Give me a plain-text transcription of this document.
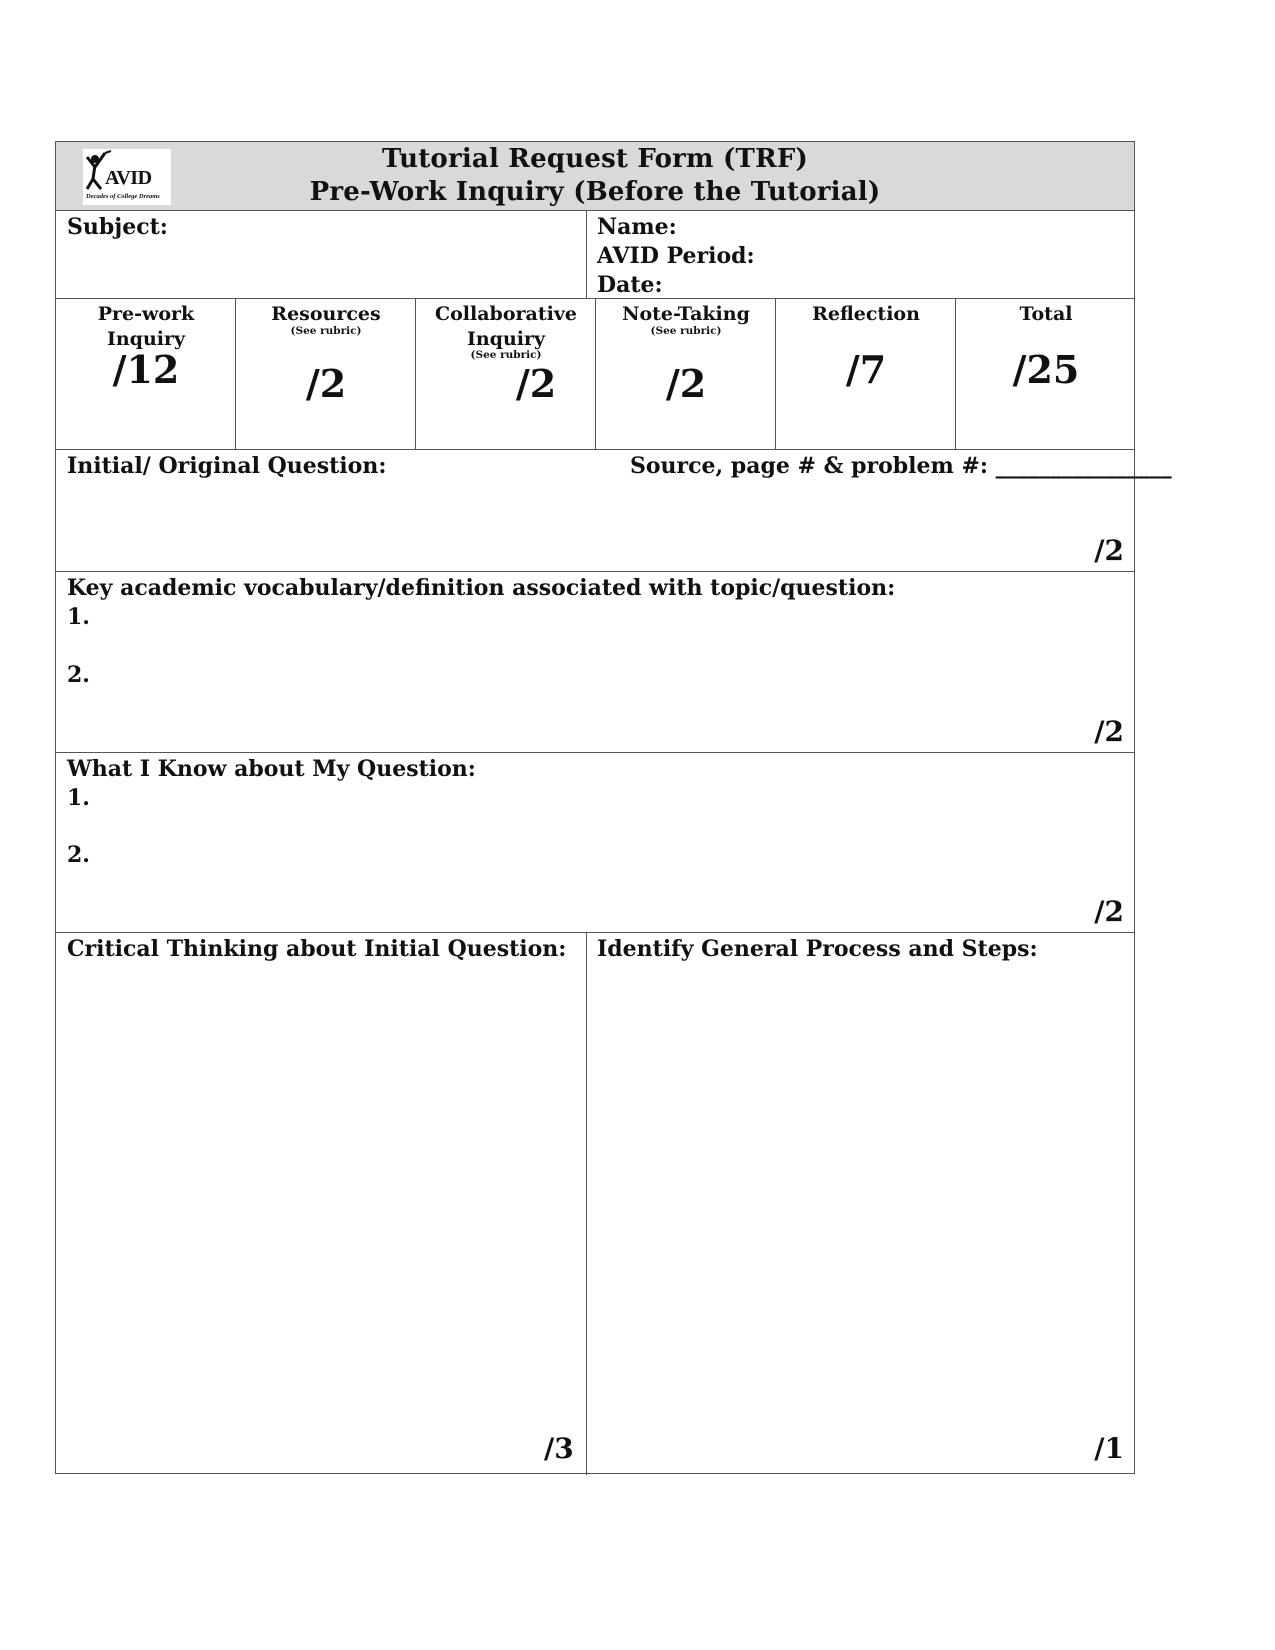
AVID
Decades of College Dreams
Tutorial Request Form (TRF)
Pre-Work Inquiry (Before the Tutorial)
Subject:	Name:
AVID Period:
Date:
Pre-work
Inquiry
/12
Resources
(See rubric)
/2
Collaborative
Inquiry
(See rubric)
/2
Note-Taking
(See rubric)
/2
Reflection
/7
Total
/25
Initial/ Original Question:	Source, page # & problem #: ________________
/2
Key academic vocabulary/definition associated with topic/question:
1.
2.
/2
What I Know about My Question:
1.
2.
/2
Critical Thinking about Initial Question:
/3
Identify General Process and Steps:
/1
